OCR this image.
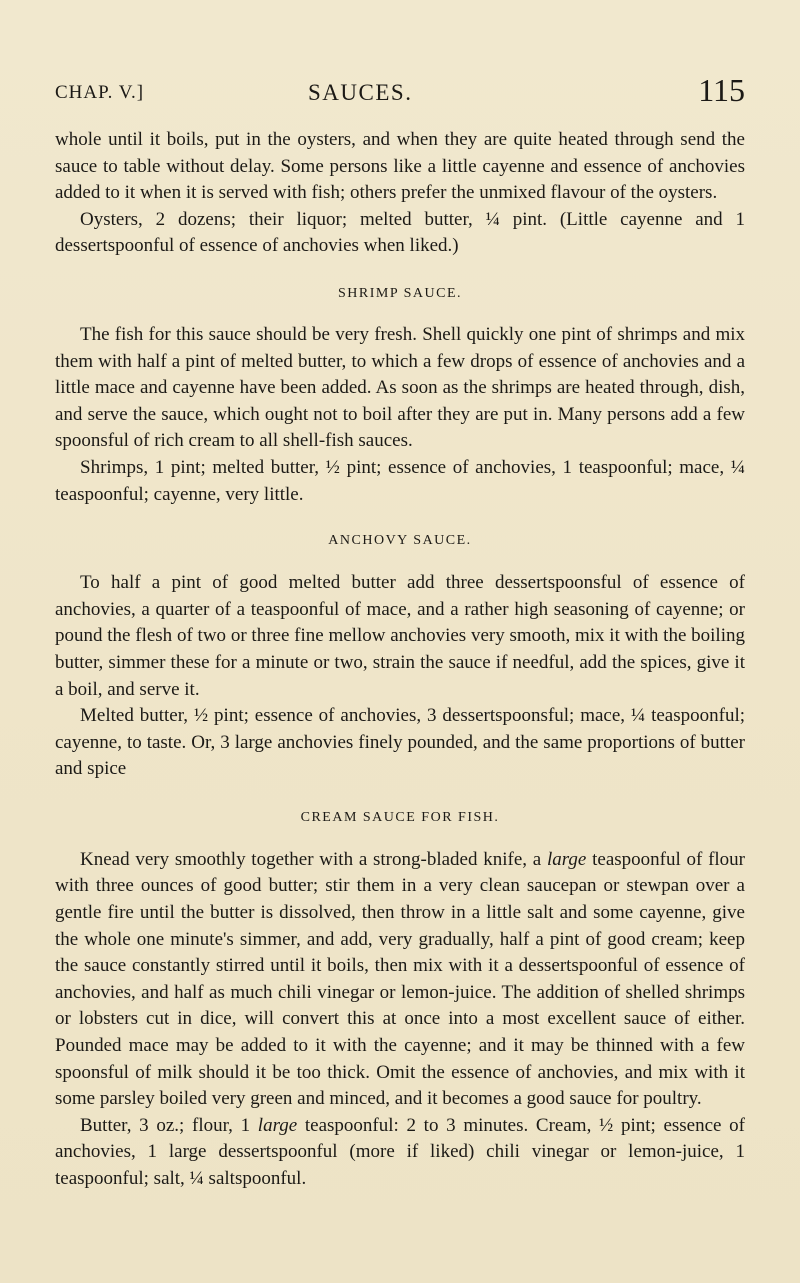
CHAP. V.]	SAUCES.	115

whole until it boils, put in the oysters, and when they are quite heated through send the sauce to table without delay. Some persons like a little cayenne and essence of anchovies added to it when it is served with fish; others prefer the unmixed flavour of the oysters.

Oysters, 2 dozens; their liquor; melted butter, ¼ pint. (Little cayenne and 1 dessertspoonful of essence of anchovies when liked.)

SHRIMP SAUCE.

The fish for this sauce should be very fresh. Shell quickly one pint of shrimps and mix them with half a pint of melted butter, to which a few drops of essence of anchovies and a little mace and cayenne have been added. As soon as the shrimps are heated through, dish, and serve the sauce, which ought not to boil after they are put in. Many persons add a few spoonsful of rich cream to all shell-fish sauces.

Shrimps, 1 pint; melted butter, ½ pint; essence of anchovies, 1 teaspoonful; mace, ¼ teaspoonful; cayenne, very little.

ANCHOVY SAUCE.

To half a pint of good melted butter add three dessertspoonsful of essence of anchovies, a quarter of a teaspoonful of mace, and a rather high seasoning of cayenne; or pound the flesh of two or three fine mellow anchovies very smooth, mix it with the boiling butter, simmer these for a minute or two, strain the sauce if needful, add the spices, give it a boil, and serve it.

Melted butter, ½ pint; essence of anchovies, 3 dessertspoonsful; mace, ¼ teaspoonful; cayenne, to taste. Or, 3 large anchovies finely pounded, and the same proportions of butter and spice

CREAM SAUCE FOR FISH.

Knead very smoothly together with a strong-bladed knife, a large teaspoonful of flour with three ounces of good butter; stir them in a very clean saucepan or stewpan over a gentle fire until the butter is dissolved, then throw in a little salt and some cayenne, give the whole one minute's simmer, and add, very gradually, half a pint of good cream; keep the sauce constantly stirred until it boils, then mix with it a dessertspoonful of essence of anchovies, and half as much chili vinegar or lemon-juice. The addition of shelled shrimps or lobsters cut in dice, will convert this at once into a most excellent sauce of either. Pounded mace may be added to it with the cayenne; and it may be thinned with a few spoonsful of milk should it be too thick. Omit the essence of anchovies, and mix with it some parsley boiled very green and minced, and it becomes a good sauce for poultry.

Butter, 3 oz.; flour, 1 large teaspoonful: 2 to 3 minutes. Cream, ½ pint; essence of anchovies, 1 large dessertspoonful (more if liked) chili vinegar or lemon-juice, 1 teaspoonful; salt, ¼ saltspoonful.
